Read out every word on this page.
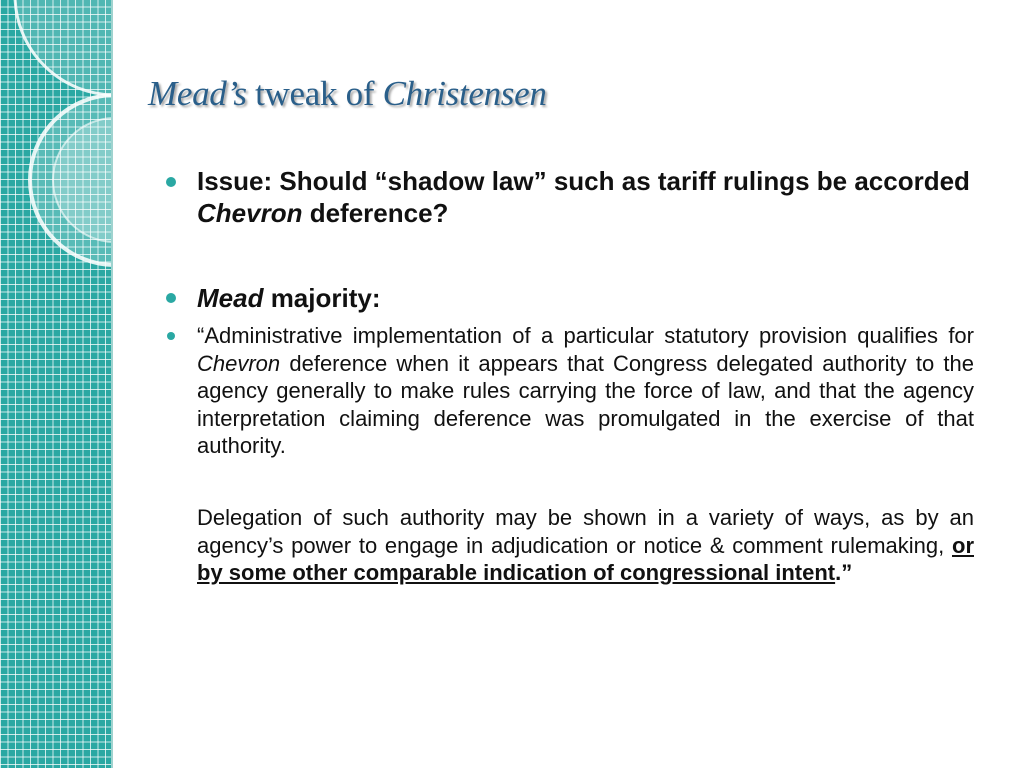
Mead’s tweak of Christensen

Issue: Should “shadow law” such as tariff rulings be accorded Chevron deference?

Mead majority:

“Administrative implementation of a particular statutory provision qualifies for Chevron deference when it appears that Congress delegated authority to the agency generally to make rules carrying the force of law, and that the agency interpretation claiming deference was promulgated in the exercise of that authority.

Delegation of such authority may be shown in a variety of ways, as by an agency’s power to engage in adjudication or notice & comment rulemaking, or by some other comparable indication of congressional intent.”
